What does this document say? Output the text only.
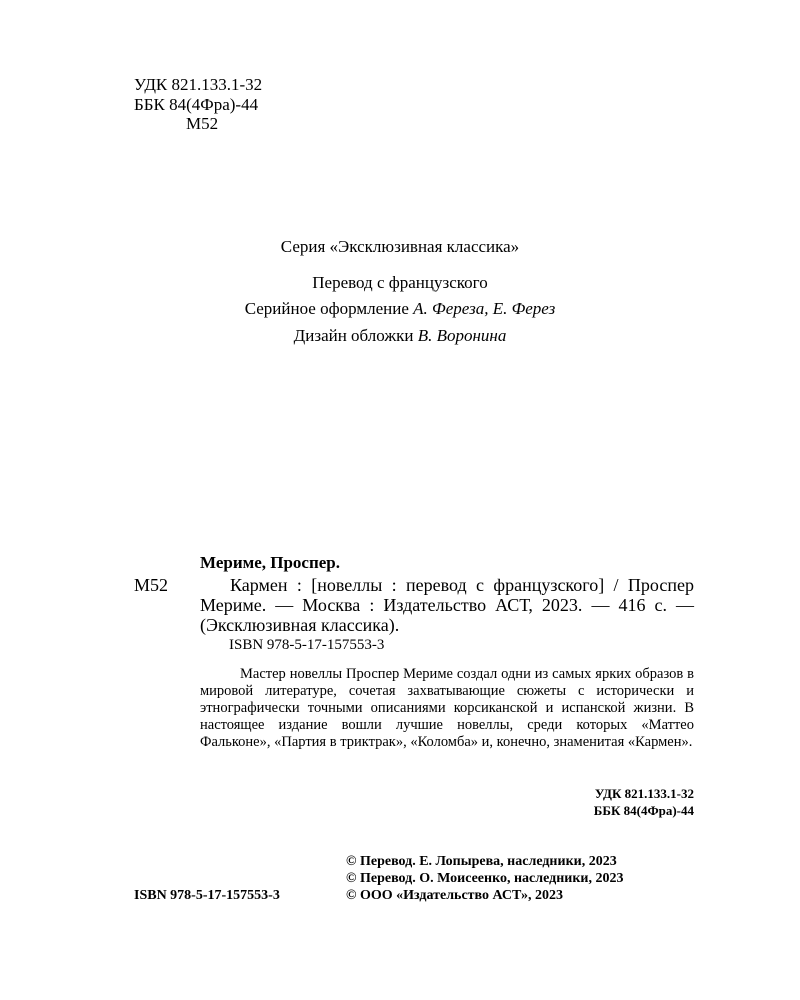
УДК 821.133.1-32
ББК 84(4Фра)-44
М52
Серия «Эксклюзивная классика»
Перевод с французского
Серийное оформление А. Фереза, Е. Ферез
Дизайн обложки В. Воронина
Мериме, Проспер.
М52	Кармен : [новеллы : перевод с французского] / Проспер Мериме. — Москва : Издательство АСТ, 2023. — 416 с. — (Эксклюзивная классика).
ISBN 978-5-17-157553-3
Мастер новеллы Проспер Мериме создал одни из самых ярких образов в мировой литературе, сочетая захватывающие сюжеты с исторически и этнографически точными описаниями корсиканской и испанской жизни. В настоящее издание вошли лучшие новеллы, среди которых «Маттео Фальконе», «Партия в триктрак», «Коломба» и, конечно, знаменитая «Кармен».
УДК 821.133.1-32
ББК 84(4Фра)-44
© Перевод. Е. Лопырева, наследники, 2023
© Перевод. О. Моисеенко, наследники, 2023
© ООО «Издательство АСТ», 2023
ISBN 978-5-17-157553-3
